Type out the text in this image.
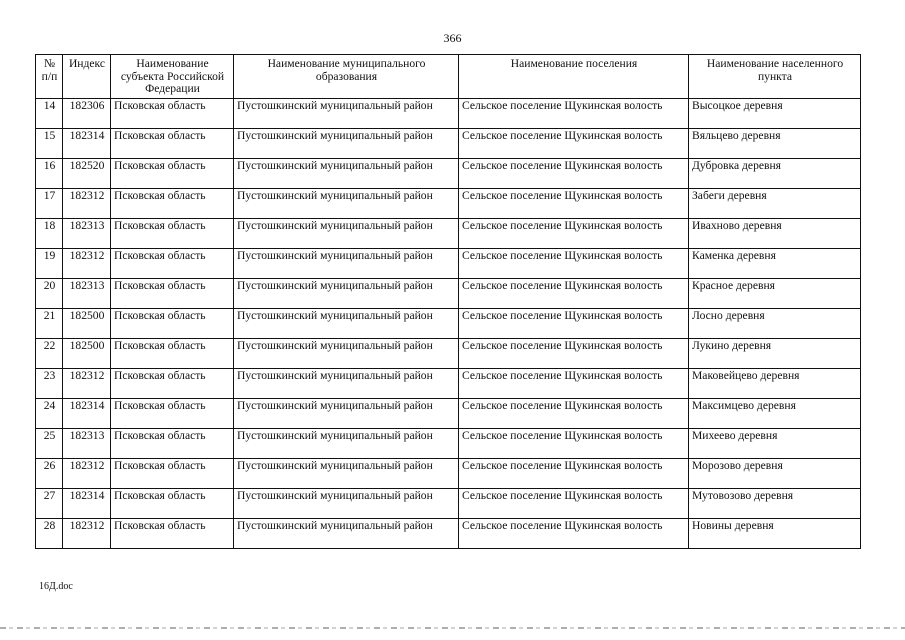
366
№ п/п	Индекс	Наименование субъекта Российской Федерации	Наименование муниципального образования	Наименование поселения	Наименование населенного пункта
14	182306	Псковская область	Пустошкинский муниципальный район	Сельское поселение Щукинская волость	Высоцкое деревня
15	182314	Псковская область	Пустошкинский муниципальный район	Сельское поселение Щукинская волость	Вяльцево деревня
16	182520	Псковская область	Пустошкинский муниципальный район	Сельское поселение Щукинская волость	Дубровка деревня
17	182312	Псковская область	Пустошкинский муниципальный район	Сельское поселение Щукинская волость	Забеги деревня
18	182313	Псковская область	Пустошкинский муниципальный район	Сельское поселение Щукинская волость	Ивахново деревня
19	182312	Псковская область	Пустошкинский муниципальный район	Сельское поселение Щукинская волость	Каменка деревня
20	182313	Псковская область	Пустошкинский муниципальный район	Сельское поселение Щукинская волость	Красное деревня
21	182500	Псковская область	Пустошкинский муниципальный район	Сельское поселение Щукинская волость	Лосно деревня
22	182500	Псковская область	Пустошкинский муниципальный район	Сельское поселение Щукинская волость	Лукино деревня
23	182312	Псковская область	Пустошкинский муниципальный район	Сельское поселение Щукинская волость	Маковейцево деревня
24	182314	Псковская область	Пустошкинский муниципальный район	Сельское поселение Щукинская волость	Максимцево деревня
25	182313	Псковская область	Пустошкинский муниципальный район	Сельское поселение Щукинская волость	Михеево деревня
26	182312	Псковская область	Пустошкинский муниципальный район	Сельское поселение Щукинская волость	Морозово деревня
27	182314	Псковская область	Пустошкинский муниципальный район	Сельское поселение Щукинская волость	Мутовозово деревня
28	182312	Псковская область	Пустошкинский муниципальный район	Сельское поселение Щукинская волость	Новины деревня
16Д.doc
